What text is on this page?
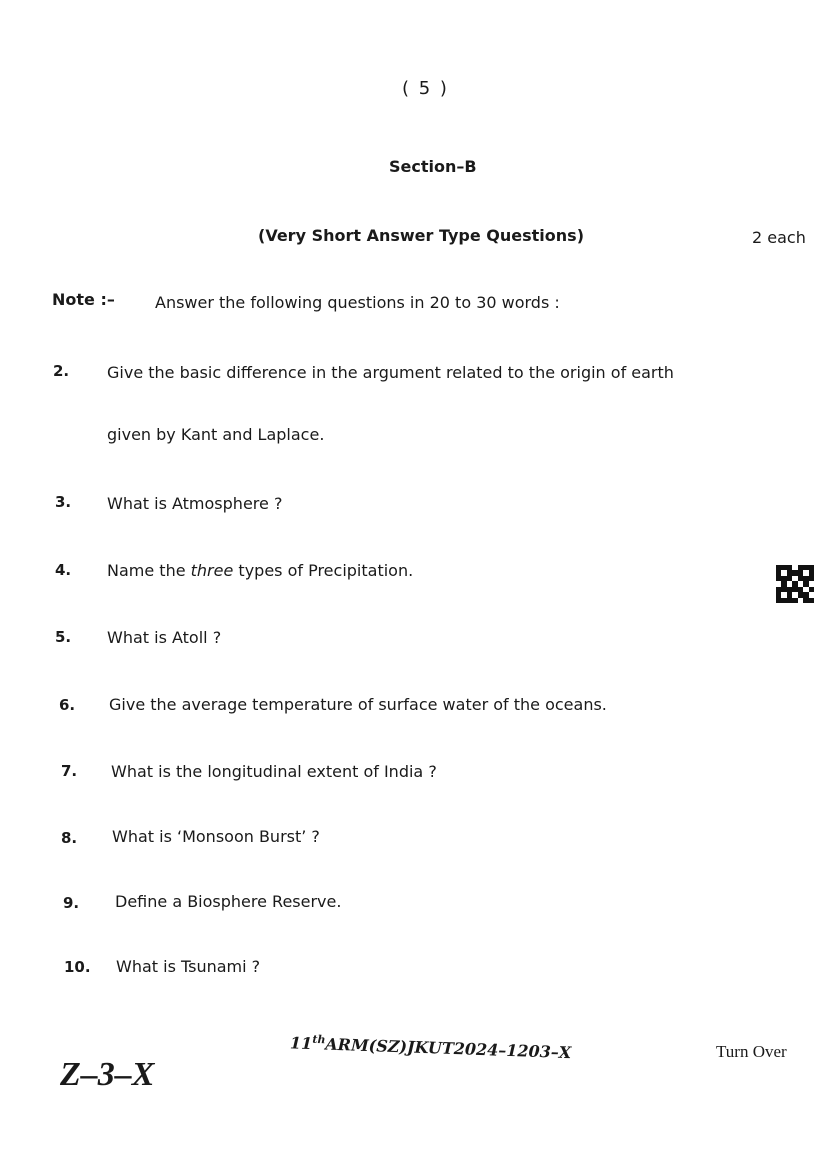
( 5 )
Section–B
(Very Short Answer Type Questions)	2 each
Note :–	Answer the following questions in 20 to 30 words :
2. Give the basic difference in the argument related to the origin of earth
given by Kant and Laplace.
3. What is Atmosphere ?
4. Name the three types of Precipitation.
5. What is Atoll ?
6. Give the average temperature of surface water of the oceans.
7. What is the longitudinal extent of India ?
8. What is ‘Monsoon Burst’ ?
9. Define a Biosphere Reserve.
10. What is Tsunami ?
11thARM(SZ)JKUT2024–1203–X	Turn Over
Z–3–X
